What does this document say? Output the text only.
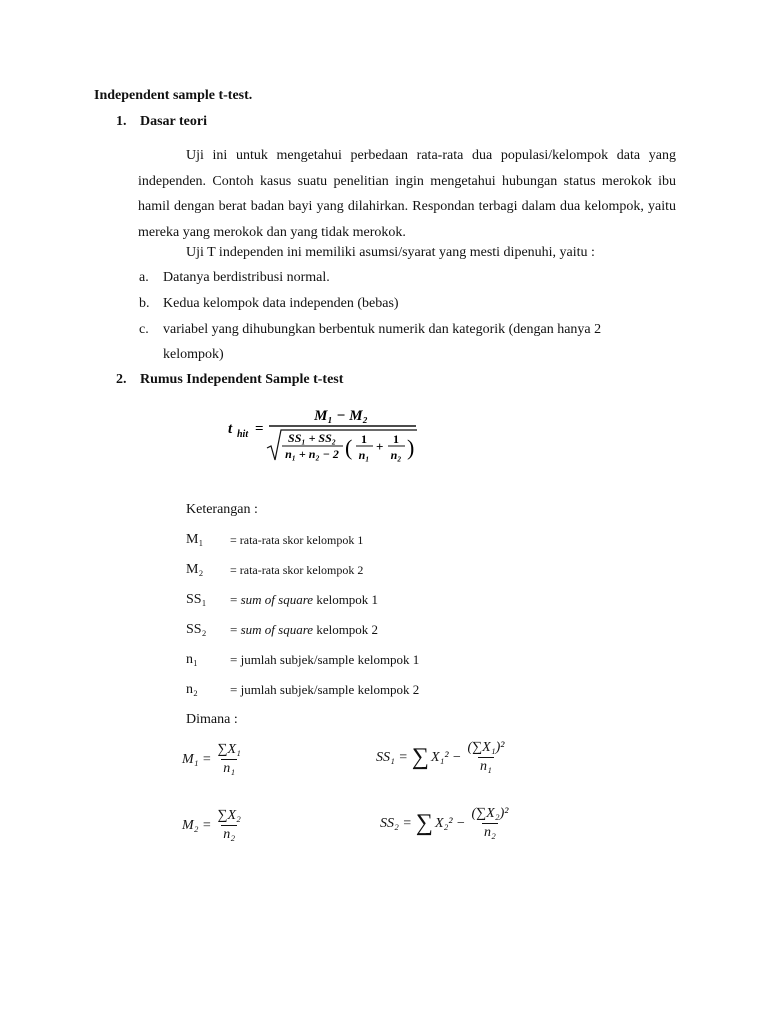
Independent sample t-test.
1. Dasar teori
Uji ini untuk mengetahui perbedaan rata-rata dua populasi/kelompok data yang independen. Contoh kasus suatu penelitian ingin mengetahui hubungan status merokok ibu hamil dengan berat badan bayi yang dilahirkan. Respondan terbagi dalam dua kelompok, yaitu mereka yang merokok dan yang tidak merokok.
Uji T independen ini memiliki asumsi/syarat yang mesti dipenuhi, yaitu :
a. Datanya berdistribusi normal.
b. Kedua kelompok data independen (bebas)
c. variabel yang dihubungkan berbentuk numerik dan kategorik (dengan hanya 2
kelompok)
2. Rumus Independent Sample t-test
t hit =
M₁ − M₂
SS₁ + SS₂
n₁ + n₂ − 2 ( 1
n₁
+ 1
n₂ )
Keterangan :
M₁ = rata-rata skor kelompok 1
M₂ = rata-rata skor kelompok 2
SS₁ = sum of square kelompok 1
SS₂ = sum of square kelompok 2
n₁ = jumlah subjek/sample kelompok 1
n₂ = jumlah subjek/sample kelompok 2
Dimana :
$M_1 = \frac{\text{∑X₁}}{\text{n₁}}$	SS₁ = ∑ $X_1^2 - \frac{\text{(∑X₁)²}}{\text{n₁}}$
$M_2 = \frac{\text{∑X₂}}{\text{n₂}}$	SS₂ = ∑ $X_2^2 - \frac{\text{(∑X₂)²}}{\text{n₂}}$
